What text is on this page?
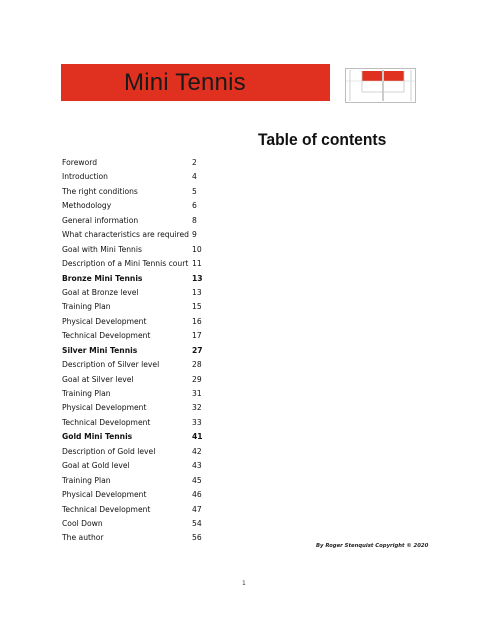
Mini Tennis
Table of contents
Foreword	2
Introduction	4
The right conditions	5
Methodology	6
General information	8
What characteristics are required 9
Goal with Mini Tennis	10
Description of a Mini Tennis court 11
Bronze Mini Tennis	13
Goal at Bronze level	13
Training Plan	15
Physical Development	16
Technical Development	17
Silver Mini Tennis	27
Description of Silver level	28
Goal at Silver level	29
Training Plan	31
Physical Development	32
Technical Development	33
Gold Mini Tennis	41
Description of Gold level	42
Goal at Gold level	43
Training Plan	45
Physical Development	46
Technical Development	47
Cool Down	54
The author	56
By Roger Stenquist Copyright © 2020
1
